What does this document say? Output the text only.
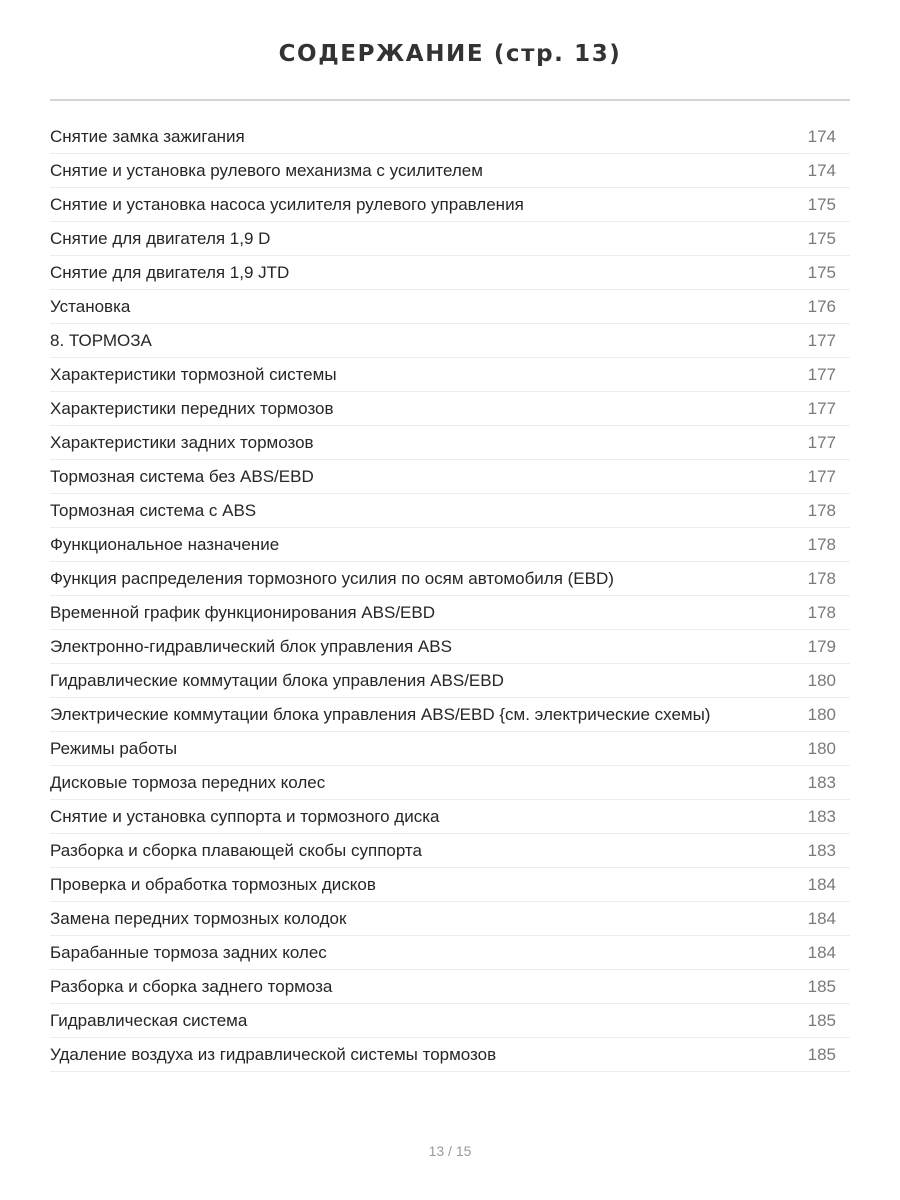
СОДЕРЖАНИЕ (стр. 13)
Снятие замка зажигания	174
Снятие и установка рулевого механизма с усилителем	174
Снятие и установка насоса усилителя рулевого управления	175
Снятие для двигателя 1,9 D	175
Снятие для двигателя 1,9 JTD	175
Установка	176
8. ТОРМОЗА	177
Характеристики тормозной системы	177
Характеристики передних тормозов	177
Характеристики задних тормозов	177
Тормозная система без ABS/EBD	177
Тормозная система с ABS	178
Функциональное назначение	178
Функция распределения тормозного усилия по осям автомобиля (EBD)	178
Временной график функционирования ABS/EBD	178
Электронно-гидравлический блок управления ABS	179
Гидравлические коммутации блока управления ABS/EBD	180
Электрические коммутации блока управления ABS/EBD {см. электрические схемы)	180
Режимы работы	180
Дисковые тормоза передних колес	183
Снятие и установка суппорта и тормозного диска	183
Разборка и сборка плавающей скобы суппорта	183
Проверка и обработка тормозных дисков	184
Замена передних тормозных колодок	184
Барабанные тормоза задних колес	184
Разборка и сборка заднего тормоза	185
Гидравлическая система	185
Удаление воздуха из гидравлической системы тормозов	185
13 / 15
